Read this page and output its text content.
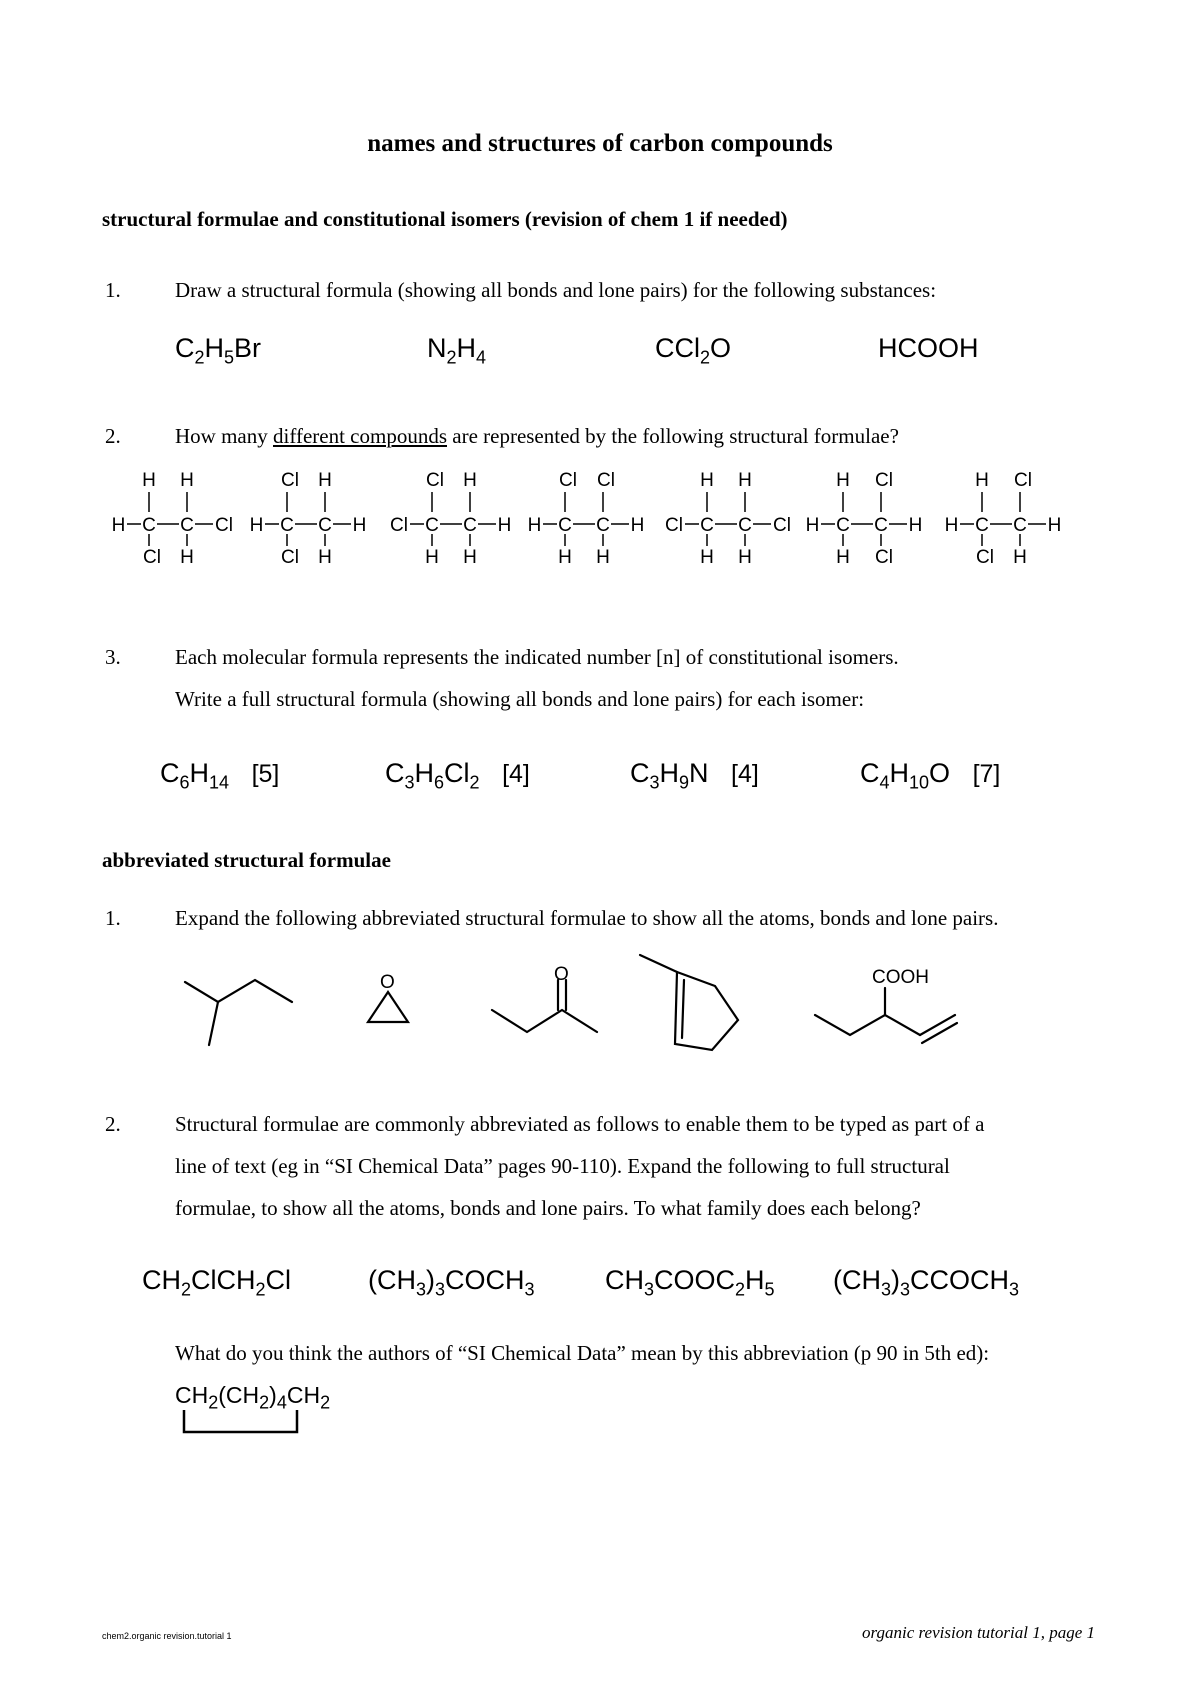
names and structures of carbon compounds
structural formulae and constitutional isomers (revision of chem 1 if needed)
1.	Draw a structural formula (showing all bonds and lone pairs) for the following substances:
$C_2H_5Br$	$N_2H_4$	CCl$_2$O	HCOOH
2.	How many different compounds are represented by the following structural formulae?
H C C Cl
H
Cl
H
H
H C C H
Cl
Cl
H
H
Cl C C H
Cl
H
H
H
H C C H
Cl
H
Cl
H
Cl C C Cl
H
H
H
H
H C C H
H
H
Cl
Cl
H C C H
H
Cl
Cl
H
3.	Each molecular formula represents the indicated number [n] of constitutional isomers.
Write a full structural formula (showing all bonds and lone pairs) for each isomer:
$C_6H_{14}$ [5]	$C_3H_6Cl_2$ [4]	$C_3H_9N$ [4]	$C_4H_{10}O$ [7]
abbreviated structural formulae
1.	Expand the following abbreviated structural formulae to show all the atoms, bonds and lone pairs.
O	O	COOH
2.	Structural formulae are commonly abbreviated as follows to enable them to be typed as part of a
line of text (eg in “SI Chemical Data” pages 90-110). Expand the following to full structural
formulae, to show all the atoms, bonds and lone pairs. To what family does each belong?
$CH_2ClCH_2Cl$	$(CH_3)_3COCH_3$	$CH_3COOC_2H_5$ $(CH_3)_3CCOCH_3$
What do you think the authors of “SI Chemical Data” mean by this abbreviation (p 90 in 5th ed):
$CH_2(CH_2)_4CH_2$
chem2.organic revision.tutorial 1	organic revision tutorial 1, page 1
